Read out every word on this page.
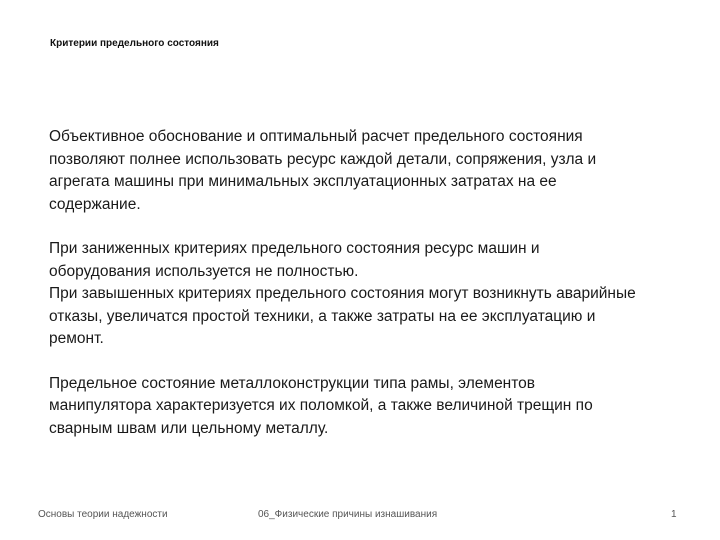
Критерии предельного состояния

Объективное обоснование и оптимальный расчет предельного состояния
позволяют полнее использовать ресурс каждой детали, сопряжения, узла и
агрегата машины при минимальных эксплуатационных затратах на ее
содержание.

При заниженных критериях предельного состояния ресурс машин и
оборудования используется не полностью.
При завышенных критериях предельного состояния могут возникнуть аварийные
отказы, увеличатся простой техники, а также затраты на ее эксплуатацию и
ремонт.

Предельное состояние металлоконструкции типа рамы, элементов
манипулятора характеризуется их поломкой, а также величиной трещин по
сварным швам или цельному металлу.

Основы теории надежности	06_Физические причины изнашивания	1
